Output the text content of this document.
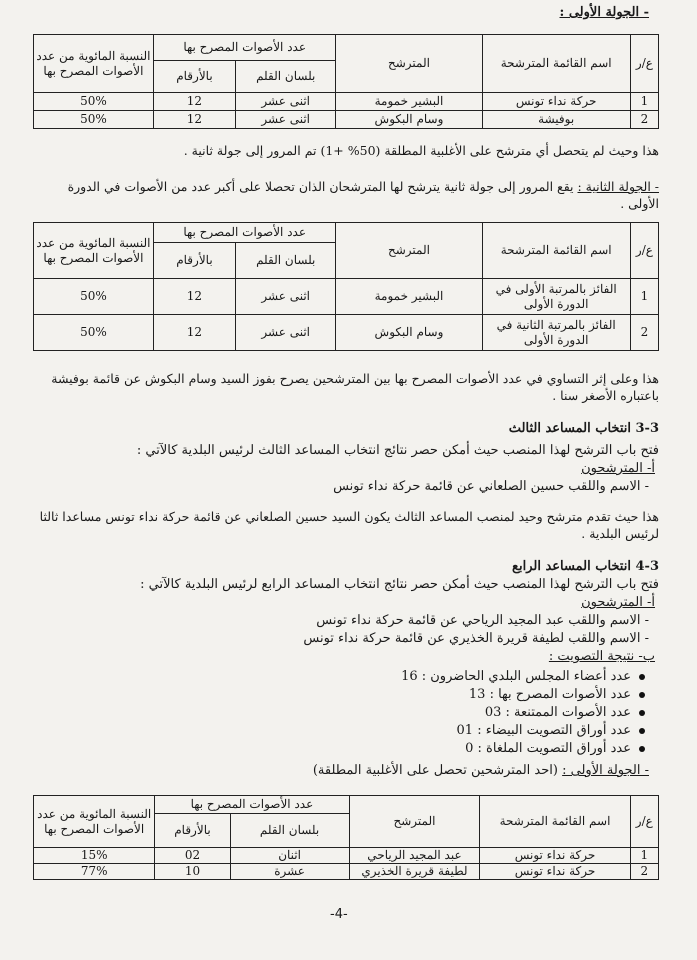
- الجولة الأولى :
ع/ر	اسم القائمة المترشحة	المترشح	عدد الأصوات المصرح بها		النسبة المائوية من عدد الأصوات المصرح بها
			بلسان القلم	بالأرقام	
1	حركة نداء تونس	البشير خمومة	اثنى عشر	12	50%
2	بوفيشة	وسام البكوش	اثنى عشر	12	50%
هذا وحيث لم يتحصل أي مترشح على الأغلبية المطلقة (50% +1) تم المرور إلى جولة ثانية .
- الجولة الثانية : يقع المرور إلى جولة ثانية يترشح لها المترشحان الذان تحصلا على أكبر عدد من الأصوات في الدورة الأولى .
ع/ر	اسم القائمة المترشحة	المترشح	عدد الأصوات المصرح بها		النسبة المائوية من عدد الأصوات المصرح بها
			بلسان القلم	بالأرقام	
1	الفائز بالمرتبة الأولى في الدورة الأولى	البشير خمومة	اثنى عشر	12	50%
2	الفائز بالمرتبة الثانية في الدورة الأولى	وسام البكوش	اثنى عشر	12	50%
هذا وعلى إثر التساوي في عدد الأصوات المصرح بها بين المترشحين يصرح بفوز السيد وسام البكوش عن قائمة بوفيشة باعتباره الأصغر سنا .
3-3 انتخاب المساعد الثالث
فتح باب الترشح لهذا المنصب حيث أمكن حصر نتائج انتخاب المساعد الثالث لرئيس البلدية كالآتي :
أ- المترشحون
- الاسم واللقب حسين الصلعاني عن قائمة حركة نداء تونس
هذا حيث تقدم مترشح وحيد لمنصب المساعد الثالث يكون السيد حسين الصلعاني عن قائمة حركة نداء تونس مساعدا ثالثا لرئيس البلدية .
4-3 انتخاب المساعد الرابع
فتح باب الترشح لهذا المنصب حيث أمكن حصر نتائج انتخاب المساعد الرابع لرئيس البلدية كالآتي :
أ- المترشحون
- الاسم واللقب عبد المجيد الرياحي عن قائمة حركة نداء تونس
- الاسم واللقب لطيفة قريرة الخذيري عن قائمة حركة نداء تونس
ب- نتيجة التصويت :
عدد أعضاء المجلس البلدي الحاضرون : 16
عدد الأصوات المصرح بها : 13
عدد الأصوات الممتنعة : 03
عدد أوراق التصويت البيضاء : 01
عدد أوراق التصويت الملغاة : 0
- الجولة الأولى : (احد المترشحين تحصل على الأغلبية المطلقة)
ع/ر	اسم القائمة المترشحة	المترشح	عدد الأصوات المصرح بها		النسبة المائوية من عدد الأصوات المصرح بها
			بلسان القلم	بالأرقام	
1	حركة نداء تونس	عبد المجيد الرياحي	اثنان	02	15%
2	حركة نداء تونس	لطيفة قريرة الخذيري	عشرة	10	77%
-4-
